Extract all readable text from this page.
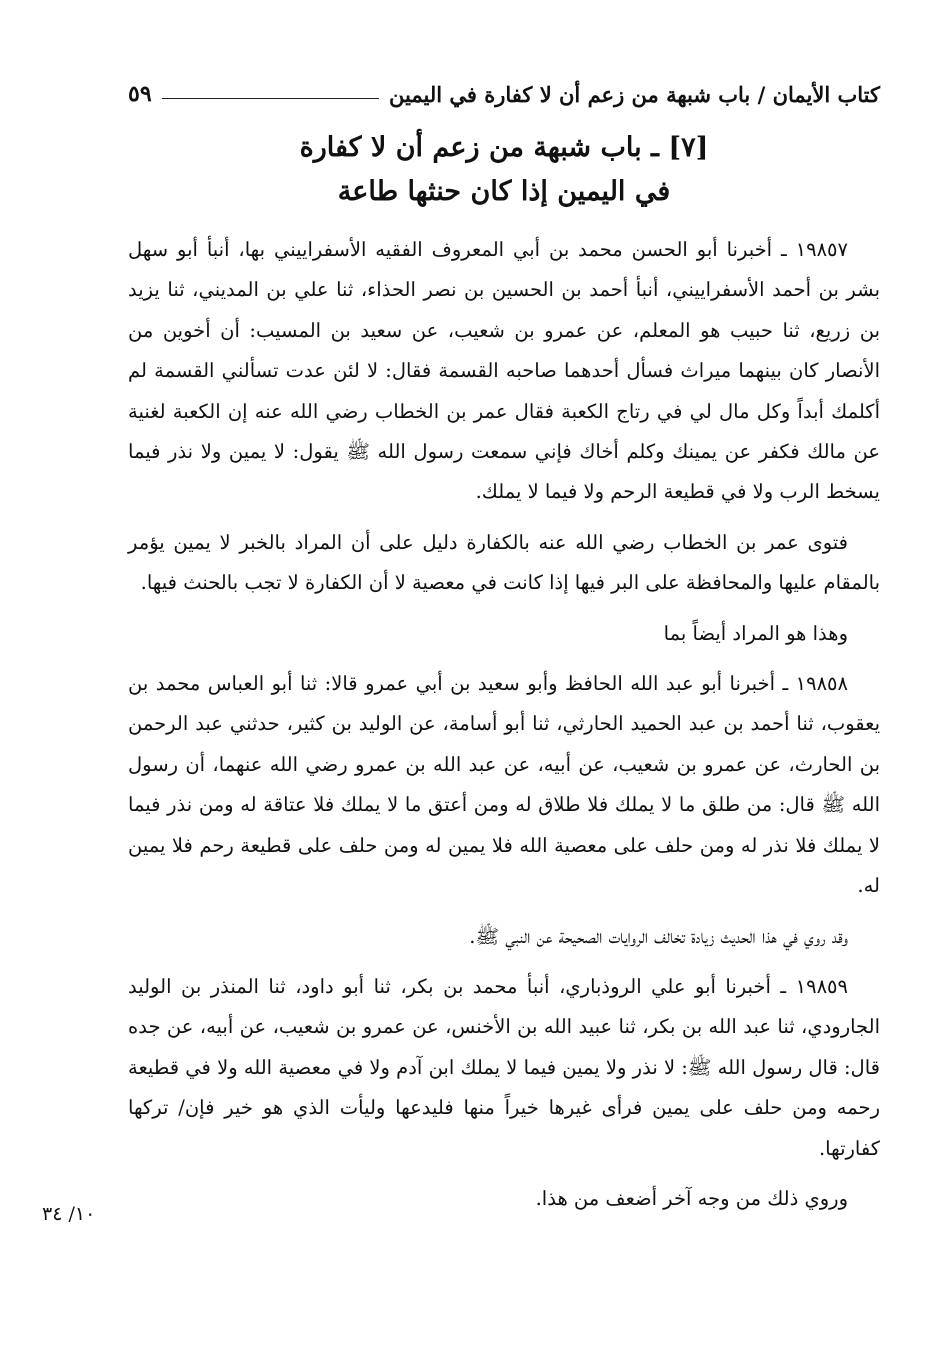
كتاب الأيمان / باب شبهة من زعم أن لا كفارة في اليمين
٥٩
[٧] ـ باب شبهة من زعم أن لا كفارة
في اليمين إذا كان حنثها طاعة

١٩٨٥٧ ـ أخبرنا أبو الحسن محمد بن أبي المعروف الفقيه الأسفراييني بها، أنبأ أبو سهل بشر بن أحمد الأسفراييني، أنبأ أحمد بن الحسين بن نصر الحذاء، ثنا علي بن المديني، ثنا يزيد بن زريع، ثنا حبيب هو المعلم، عن عمرو بن شعيب، عن سعيد بن المسيب: أن أخوين من الأنصار كان بينهما ميراث فسأل أحدهما صاحبه القسمة فقال: لا لئن عدت تسألني القسمة لم أكلمك أبداً وكل مال لي في رتاج الكعبة فقال عمر بن الخطاب رضي الله عنه إن الكعبة لغنية عن مالك فكفر عن يمينك وكلم أخاك فإني سمعت رسول الله ﷺ يقول: لا يمين ولا نذر فيما يسخط الرب ولا في قطيعة الرحم ولا فيما لا يملك.

فتوى عمر بن الخطاب رضي الله عنه بالكفارة دليل على أن المراد بالخبر لا يمين يؤمر بالمقام عليها والمحافظة على البر فيها إذا كانت في معصية لا أن الكفارة لا تجب بالحنث فيها.

وهذا هو المراد أيضاً بما

١٩٨٥٨ ـ أخبرنا أبو عبد الله الحافظ وأبو سعيد بن أبي عمرو قالا: ثنا أبو العباس محمد بن يعقوب، ثنا أحمد بن عبد الحميد الحارثي، ثنا أبو أسامة، عن الوليد بن كثير، حدثني عبد الرحمن بن الحارث، عن عمرو بن شعيب، عن أبيه، عن عبد الله بن عمرو رضي الله عنهما، أن رسول الله ﷺ قال: من طلق ما لا يملك فلا طلاق له ومن أعتق ما لا يملك فلا عتاقة له ومن نذر فيما لا يملك فلا نذر له ومن حلف على معصية الله فلا يمين له ومن حلف على قطيعة رحم فلا يمين له.

وقد روي في هذا الحديث زيادة تخالف الروايات الصحيحة عن النبي ﷺ.

١٩٨٥٩ ـ أخبرنا أبو علي الروذباري، أنبأ محمد بن بكر، ثنا أبو داود، ثنا المنذر بن الوليد الجارودي، ثنا عبد الله بن بكر، ثنا عبيد الله بن الأخنس، عن عمرو بن شعيب، عن أبيه، عن جده قال: قال رسول الله ﷺ: لا نذر ولا يمين فيما لا يملك ابن آدم ولا في معصية الله ولا في قطيعة رحمه ومن حلف على يمين فرأى غيرها خيراً منها فليدعها وليأت الذي هو خير فإن/ تركها كفارتها.

وروي ذلك من وجه آخر أضعف من هذا.

١٠/ ٣٤
